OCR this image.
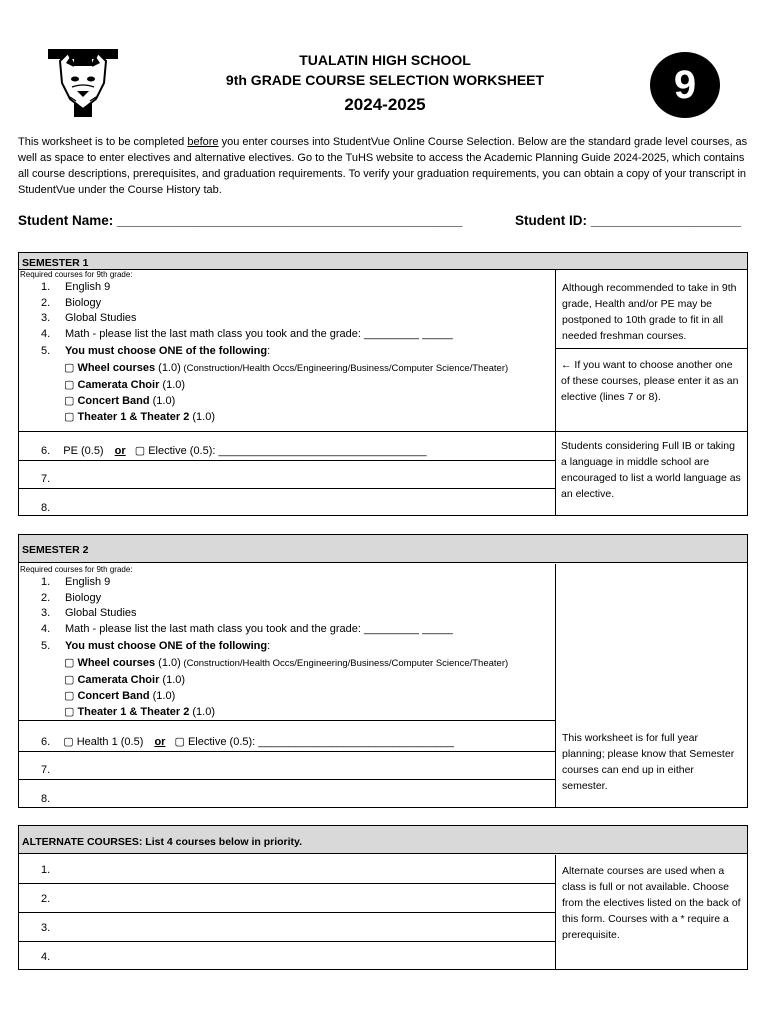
TUALATIN HIGH SCHOOL
9th GRADE COURSE SELECTION WORKSHEET
2024-2025	9
This worksheet is to be completed before you enter courses into StudentVue Online Course Selection. Below are the standard grade level courses, as well as space to enter electives and alternative electives. Go to the TuHS website to access the Academic Planning Guide 2024-2025, which contains all course descriptions, prerequisites, and graduation requirements. To verify your graduation requirements, you can obtain a copy of your transcript in StudentVue under the Course History tab.
Student Name: ______________________________________________	Student ID: ____________________
SEMESTER 1
Required courses for 9th grade:
1. English 9
2. Biology
3. Global Studies
4. Math - please list the last math class you took and the grade: _________ _____
5. You must choose ONE of the following:
▢ Wheel courses (1.0) (Construction/Health Occs/Engineering/Business/Computer Science/Theater)
▢ Camerata Choir (1.0)
▢ Concert Band (1.0)
▢ Theater 1 & Theater 2 (1.0)
6. PE (0.5) or ▢ Elective (0.5): __________________________________
7.
8.
Although recommended to take in 9th grade, Health and/or PE may be postponed to 10th grade to fit in all needed freshman courses.
← If you want to choose another one of these courses, please enter it as an elective (lines 7 or 8).
Students considering Full IB or taking a language in middle school are encouraged to list a world language as an elective.
SEMESTER 2
Required courses for 9th grade:
1. English 9
2. Biology
3. Global Studies
4. Math - please list the last math class you took and the grade: _________ _____
5. You must choose ONE of the following:
▢ Wheel courses (1.0) (Construction/Health Occs/Engineering/Business/Computer Science/Theater)
▢ Camerata Choir (1.0)
▢ Concert Band (1.0)
▢ Theater 1 & Theater 2 (1.0)
6. ▢ Health 1 (0.5) or ▢ Elective (0.5): ________________________________
7.
8.
This worksheet is for full year planning; please know that Semester courses can end up in either semester.
ALTERNATE COURSES: List 4 courses below in priority.
1.
2.
3.
4.
Alternate courses are used when a class is full or not available. Choose from the electives listed on the back of this form. Courses with a * require a prerequisite.
